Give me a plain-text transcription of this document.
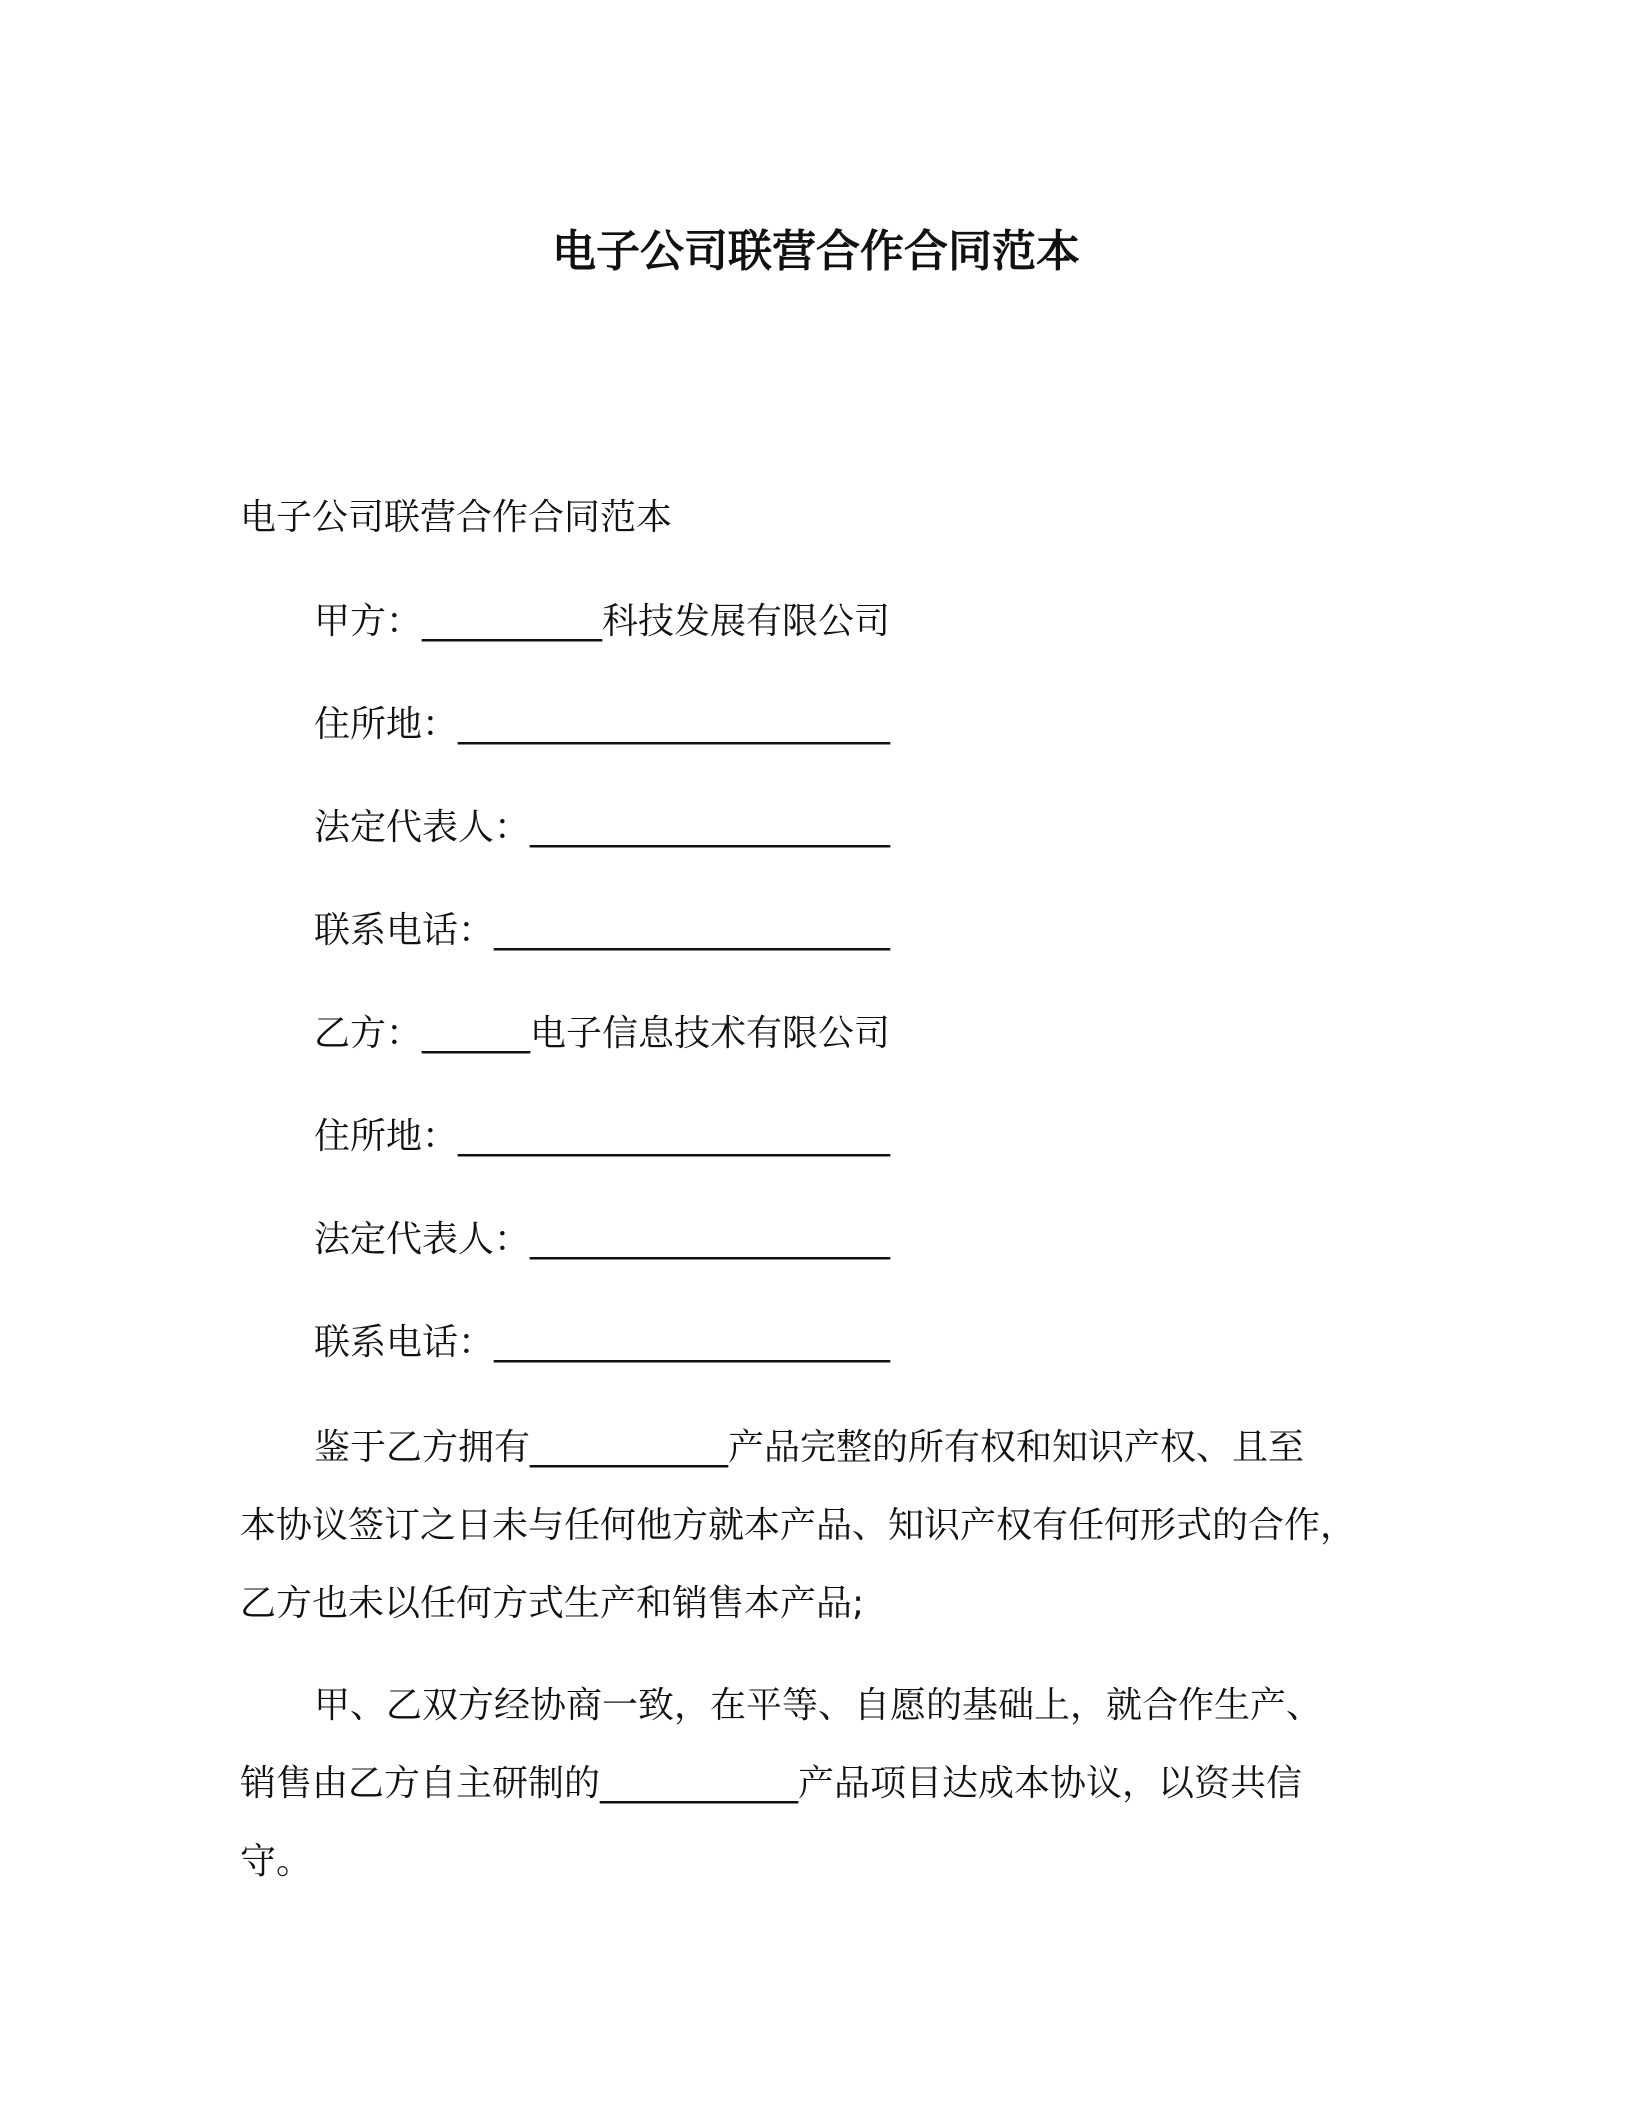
电子公司联营合作合同范本
电子公司联营合作合同范本
甲方：__________科技发展有限公司
住所地：________________________
法定代表人：____________________
联系电话：______________________
乙方：______电子信息技术有限公司
住所地：________________________
法定代表人：____________________
联系电话：______________________
鉴于乙方拥有___________产品完整的所有权和知识产权、且至
本协议签订之日未与任何他方就本产品、知识产权有任何形式的合作，
乙方也未以任何方式生产和销售本产品;
甲、乙双方经协商一致，在平等、自愿的基础上，就合作生产、
销售由乙方自主研制的___________产品项目达成本协议，以资共信
守。
